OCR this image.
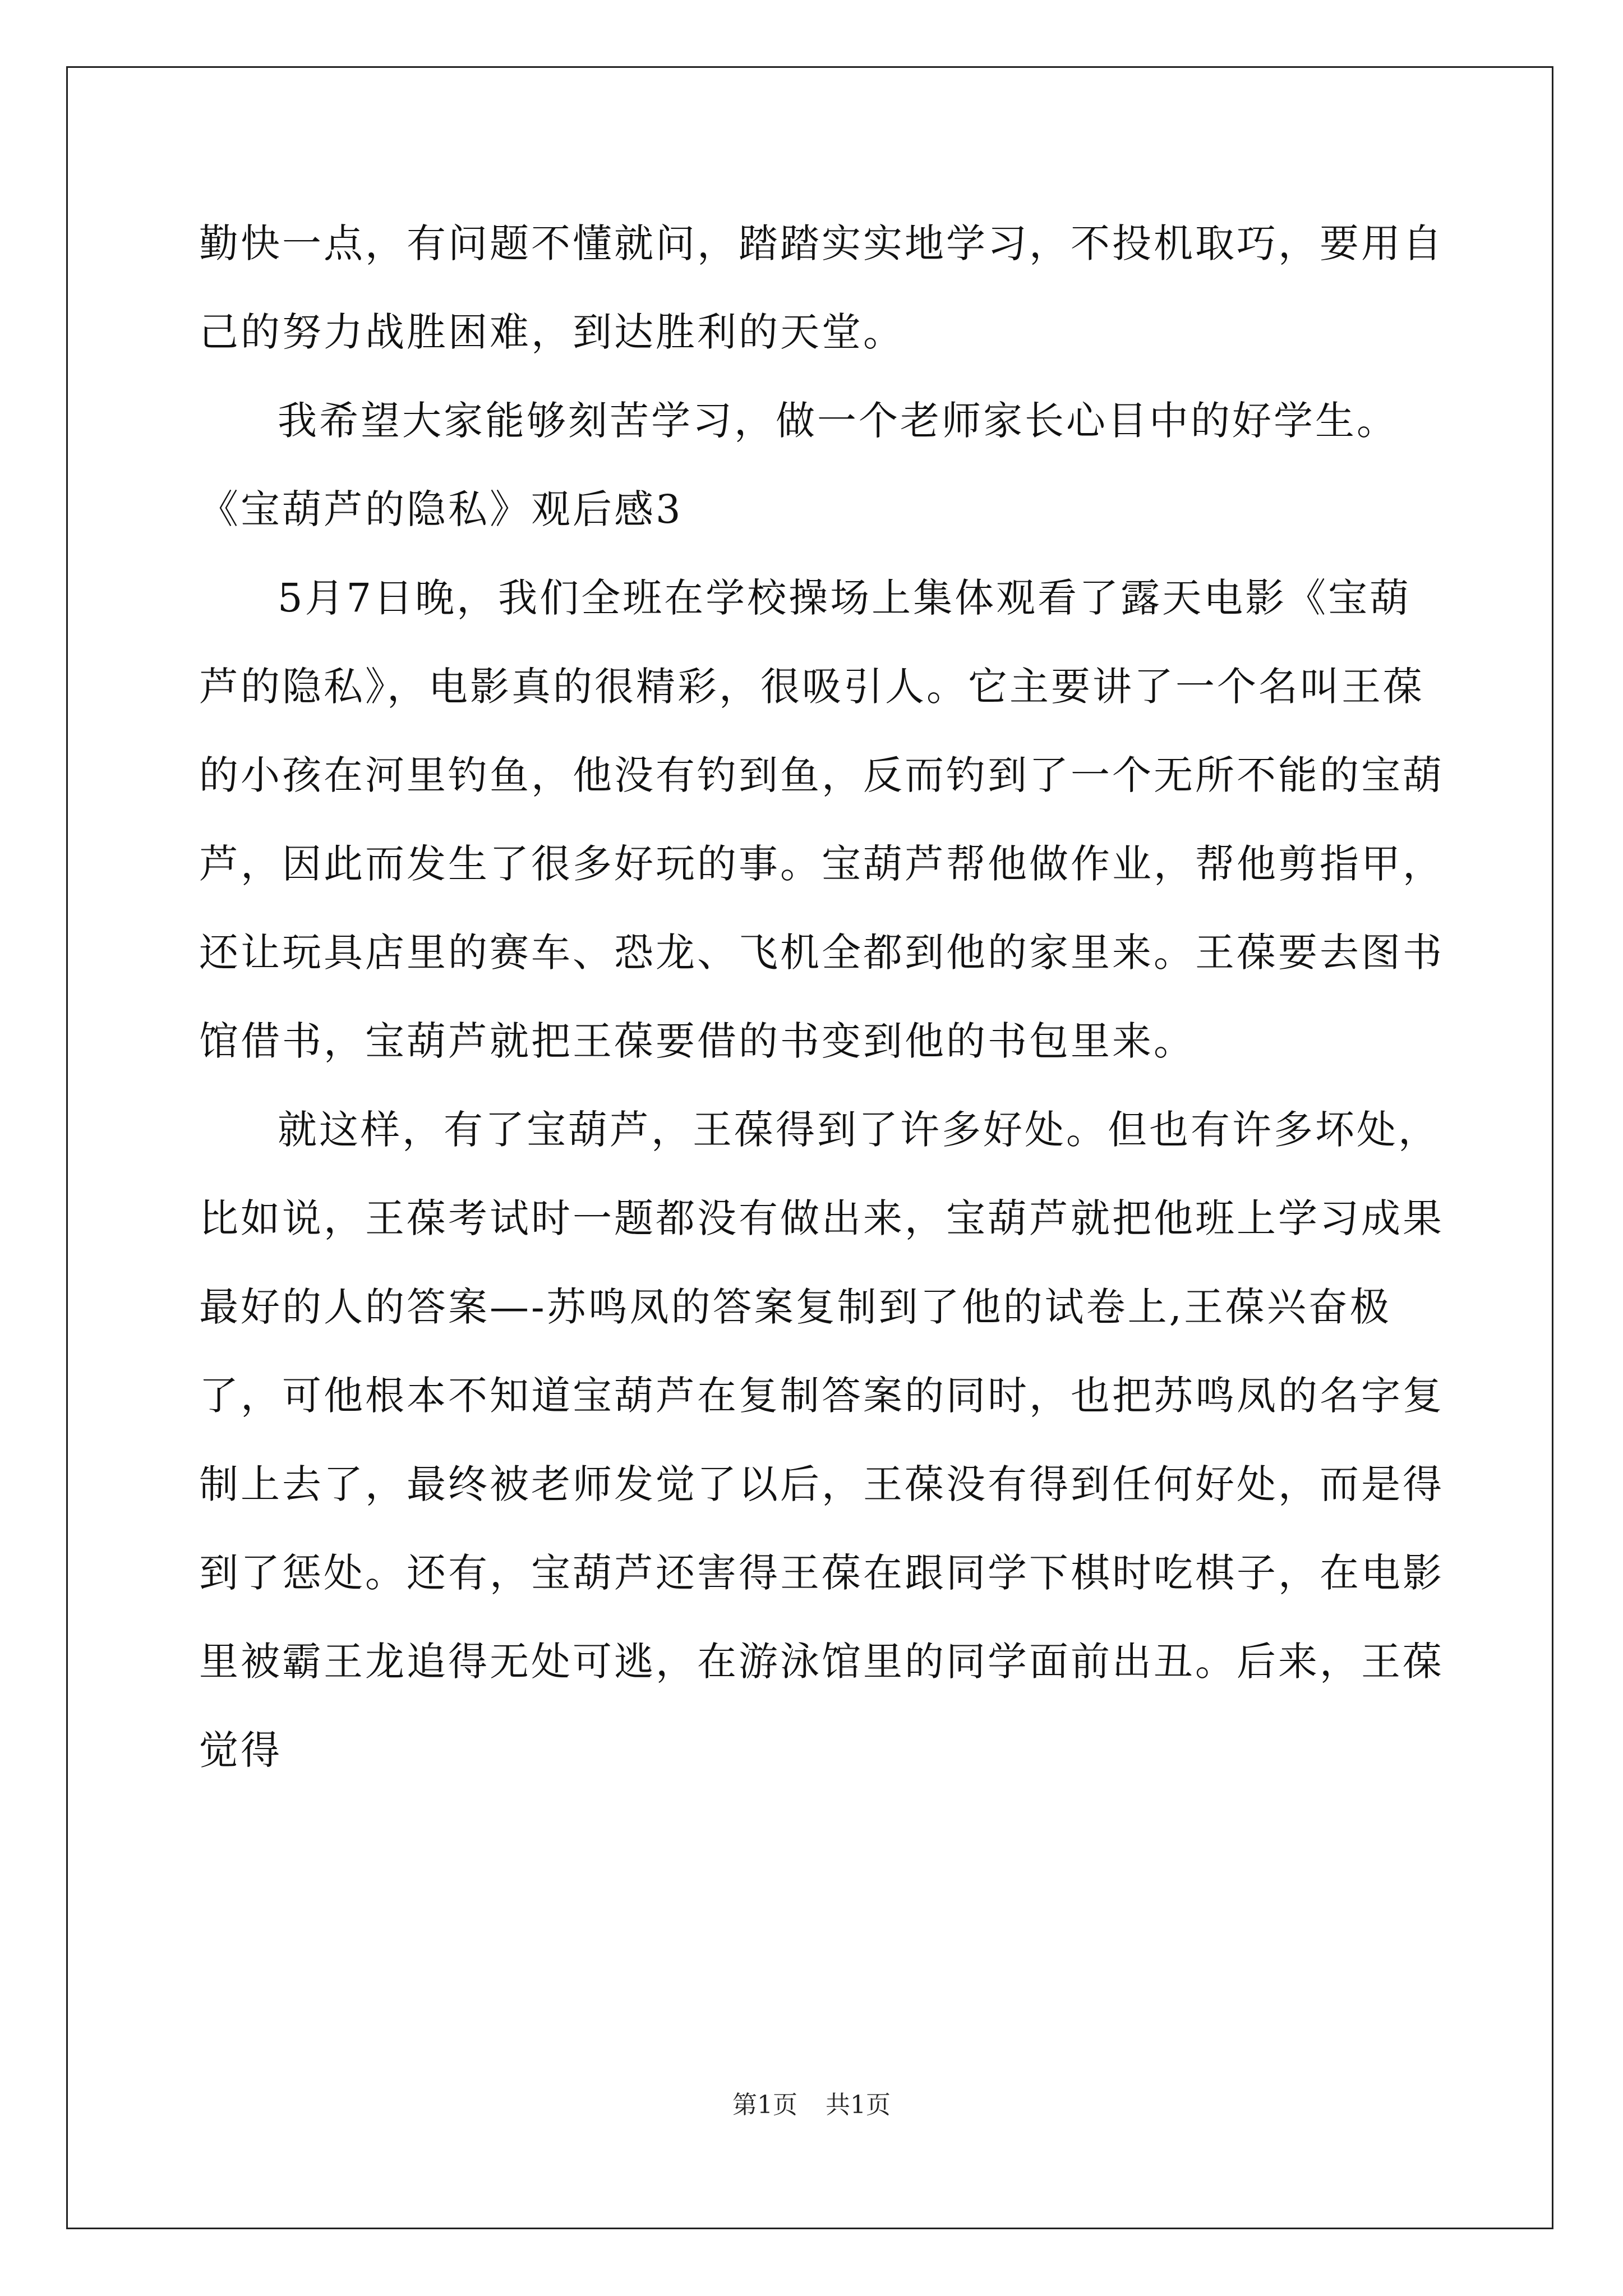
勤快一点，有问题不懂就问，踏踏实实地学习，不投机取巧，要用自己的努力战胜困难，到达胜利的天堂。

我希望大家能够刻苦学习，做一个老师家长心目中的好学生。

《宝葫芦的隐私》观后感3

5月7日晚，我们全班在学校操场上集体观看了露天电影《宝葫芦的隐私》，电影真的很精彩，很吸引人。它主要讲了一个名叫王葆的小孩在河里钓鱼，他没有钓到鱼，反而钓到了一个无所不能的宝葫芦，因此而发生了很多好玩的事。宝葫芦帮他做作业，帮他剪指甲，还让玩具店里的赛车、恐龙、飞机全都到他的家里来。王葆要去图书馆借书，宝葫芦就把王葆要借的书变到他的书包里来。

就这样，有了宝葫芦，王葆得到了许多好处。但也有许多坏处，比如说，王葆考试时一题都没有做出来，宝葫芦就把他班上学习成果最好的人的答案—-苏鸣凤的答案复制到了他的试卷上,王葆兴奋极了，可他根本不知道宝葫芦在复制答案的同时，也把苏鸣凤的名字复制上去了，最终被老师发觉了以后，王葆没有得到任何好处，而是得到了惩处。还有，宝葫芦还害得王葆在跟同学下棋时吃棋子，在电影里被霸王龙追得无处可逃，在游泳馆里的同学面前出丑。后来，王葆觉得

第1页 共1页
